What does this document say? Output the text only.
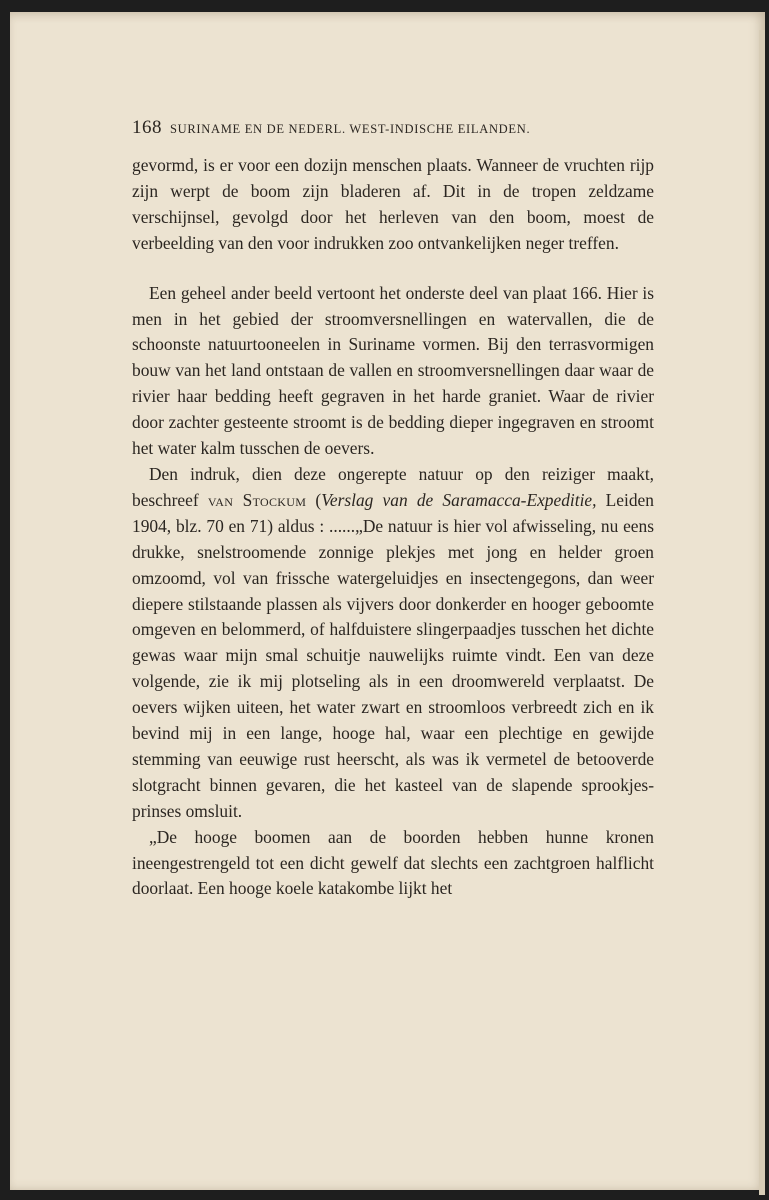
168 SURINAME EN DE NEDERL. WEST-INDISCHE EILANDEN.

gevormd, is er voor een dozijn menschen plaats. Wanneer de vruchten rijp zijn werpt de boom zijn bladeren af. Dit in de tropen zeldzame verschijnsel, gevolgd door het herleven van den boom, moest de verbeelding van den voor indrukken zoo ontvankelijken neger treffen.

Een geheel ander beeld vertoont het onderste deel van plaat 166. Hier is men in het gebied der stroomversnellingen en watervallen, die de schoonste natuurtooneelen in Suriname vormen. Bij den terrasvormigen bouw van het land ontstaan de vallen en stroomversnellingen daar waar de rivier haar bedding heeft gegraven in het harde graniet. Waar de rivier door zachter gesteente stroomt is de bedding dieper ingegraven en stroomt het water kalm tusschen de oevers.

Den indruk, dien deze ongerepte natuur op den reiziger maakt, beschreef van Stockum (Verslag van de Saramacca-Expeditie, Leiden 1904, blz. 70 en 71) aldus : ......„De natuur is hier vol afwisseling, nu eens drukke, snelstroomende zonnige plekjes met jong en helder groen omzoomd, vol van frissche watergeluidjes en insectengegons, dan weer diepere stilstaande plassen als vijvers door donkerder en hooger geboomte omgeven en belommerd, of halfduistere slingerpaadjes tusschen het dichte gewas waar mijn smal schuitje nauwelijks ruimte vindt. Een van deze volgende, zie ik mij plotseling als in een droomwereld verplaatst. De oevers wijken uiteen, het water zwart en stroomloos verbreedt zich en ik bevind mij in een lange, hooge hal, waar een plechtige en gewijde stemming van eeuwige rust heerscht, als was ik vermetel de betooverde slotgracht binnen gevaren, die het kasteel van de slapende sprookjes-prinses omsluit.

„De hooge boomen aan de boorden hebben hunne kronen ineengestrengeld tot een dicht gewelf dat slechts een zachtgroen halflicht doorlaat. Een hooge koele katakombe lijkt het
